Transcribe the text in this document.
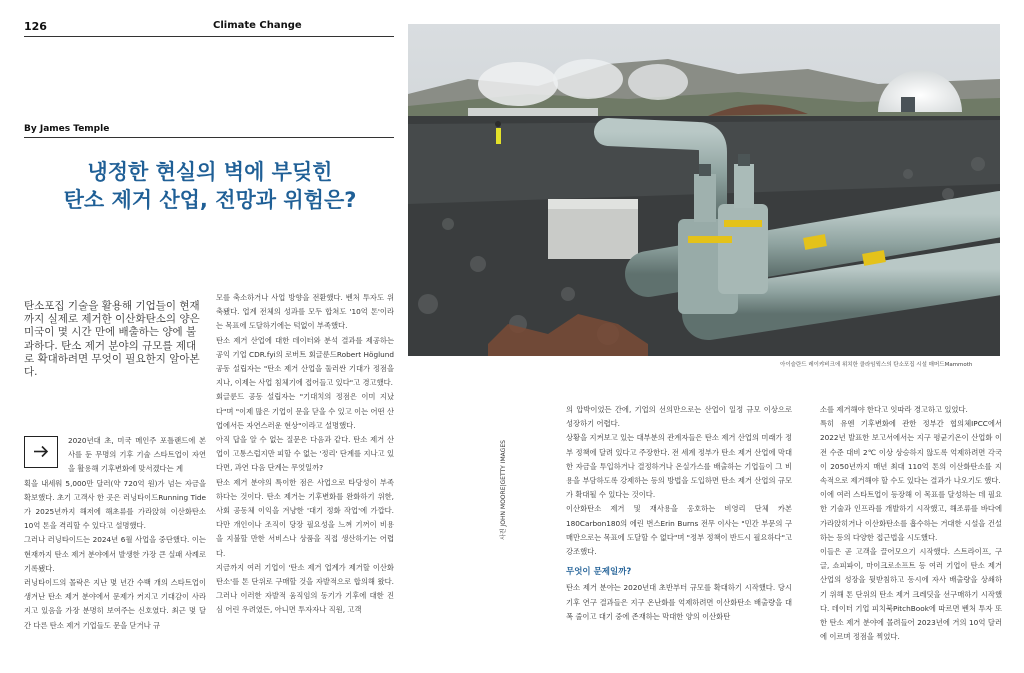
126	Climate Change
By James Temple
냉정한 현실의 벽에 부딪힌
탄소 제거 산업, 전망과 위험은?
탄소포집 기술을 활용해 기업들이 현재까지 실제로 제거한 이산화탄소의 양은 미국이 몇 시간 만에 배출하는 양에 불과하다. 탄소 제거 분야의 규모를 제대로 확대하려면 무엇이 필요한지 알아본다.
2020년대 초, 미국 메인주 포틀랜드에 본사를 둔 무명의 기후 기술 스타트업이 자연을 활용해 기후변화에 맞서겠다는 계

획을 내세워 5,000만 달러(약 720억 원)가 넘는 자금을 확보했다. 초기 고객사 한 곳은 러닝타이드Running Tide가 2025년까지 해저에 해초류를 가라앉혀 이산화탄소 10억 톤을 격리할 수 있다고 설명했다.

그러나 러닝타이드는 2024년 6월 사업을 중단했다. 이는 현재까지 탄소 제거 분야에서 발생한 가장 큰 실패 사례로 기록됐다.

러닝타이드의 몰락은 지난 몇 년간 수백 개의 스타트업이 생겨난 탄소 제거 분야에서 문제가 커지고 기대감이 사라지고 있음을 가장 분명히 보여주는 신호였다. 최근 몇 달간 다른 탄소 제거 기업들도 문을 닫거나 규

모를 축소하거나 사업 방향을 전환했다. 벤처 투자도 위축됐다. 업계 전체의 성과를 모두 합쳐도 '10억 톤'이라는 목표에 도달하기에는 턱없이 부족했다.

탄소 제거 산업에 대한 데이터와 분석 결과를 제공하는 공익 기업 CDR.fyi의 로버트 회글룬드Robert Höglund 공동 설립자는 "탄소 제거 산업을 둘러싼 기대가 정점을 지나, 이제는 사업 침체기에 접어들고 있다"고 경고했다.

회글룬드 공동 설립자는 "기대치의 정점은 이미 지났다"며 "이제 많은 기업이 문을 닫을 수 있고 이는 어떤 산업에서든 자연스러운 현상"이라고 설명했다.

아직 답을 알 수 없는 질문은 다음과 같다. 탄소 제거 산업이 고통스럽지만 피할 수 없는 '정리' 단계를 지나고 있다면, 과연 다음 단계는 무엇일까?

탄소 제거 분야의 특이한 점은 사업으로 타당성이 부족하다는 것이다. 탄소 제거는 기후변화를 완화하기 위한, 사회 공동체 이익을 겨냥한 '대기 정화 작업'에 가깝다. 다만 개인이나 조직이 당장 필요성을 느껴 기꺼이 비용을 지불할 만한 서비스나 상품을 직접 생산하기는 어렵다.

지금까지 여러 기업이 '탄소 제거 업계가 제거할 이산화탄소'를 톤 단위로 구매할 것을 자발적으로 합의해 왔다. 그러나 이러한 자발적 움직임의 동기가 기후에 대한 진심 어린 우려였든, 아니면 투자자나 직원, 고객

아이슬란드 레이캬비크에 위치한 클라임웍스의 탄소포집 시설 매머드Mammoth
사진 JOHN MOORE|GETTY IMAGES

의 압박이었든 간에, 기업의 선의만으로는 산업이 일정 규모 이상으로 성장하기 어렵다.

상황을 지켜보고 있는 대부분의 관계자들은 탄소 제거 산업의 미래가 정부 정책에 달려 있다고 주장한다. 전 세계 정부가 탄소 제거 산업에 막대한 자금을 투입하거나 결정하거나 온실가스를 배출하는 기업들이 그 비용을 부담하도록 강제하는 등의 방법을 도입하면 탄소 제거 산업의 규모가 확대될 수 있다는 것이다.

이산화탄소 제거 및 재사용을 옹호하는 비영리 단체 카본180Carbon180의 에린 번스Erin Burns 전무 이사는 "민간 부문의 구매만으로는 목표에 도달할 수 없다"며 "정부 정책이 반드시 필요하다"고 강조했다.

무엇이 문제일까?

탄소 제거 분야는 2020년대 초반부터 규모를 확대하기 시작했다. 당시 기후 연구 결과들은 지구 온난화를 억제하려면 이산화탄소 배출량을 대폭 줄이고 대기 중에 존재하는 막대한 양의 이산화탄

소를 제거해야 한다고 잇따라 경고하고 있었다.

특히 유엔 기후변화에 관한 정부간 협의체IPCC에서 2022년 발표한 보고서에서는 지구 평균기온이 산업화 이전 수준 대비 2℃ 이상 상승하지 않도록 억제하려면 각국이 2050년까지 매년 최대 110억 톤의 이산화탄소를 지속적으로 제거해야 할 수도 있다는 결과가 나오기도 했다.

이에 여러 스타트업이 등장해 이 목표를 달성하는 데 필요한 기술과 인프라를 개발하기 시작했고, 해조류를 바다에 가라앉히거나 이산화탄소를 흡수하는 거대한 시설을 건설하는 등의 다양한 접근법을 시도했다.

이들은 곧 고객을 끌어모으기 시작했다. 스트라이프, 구글, 쇼피파이, 마이크로소프트 등 여러 기업이 탄소 제거 산업의 성장을 뒷받침하고 동시에 자사 배출량을 상쇄하기 위해 톤 단위의 탄소 제거 크레딧을 선구매하기 시작했다. 데이터 기업 피치북PitchBook에 따르면 벤처 투자 또한 탄소 제거 분야에 몰려들어 2023년에 거의 10억 달러에 이르며 정점을 찍었다.
